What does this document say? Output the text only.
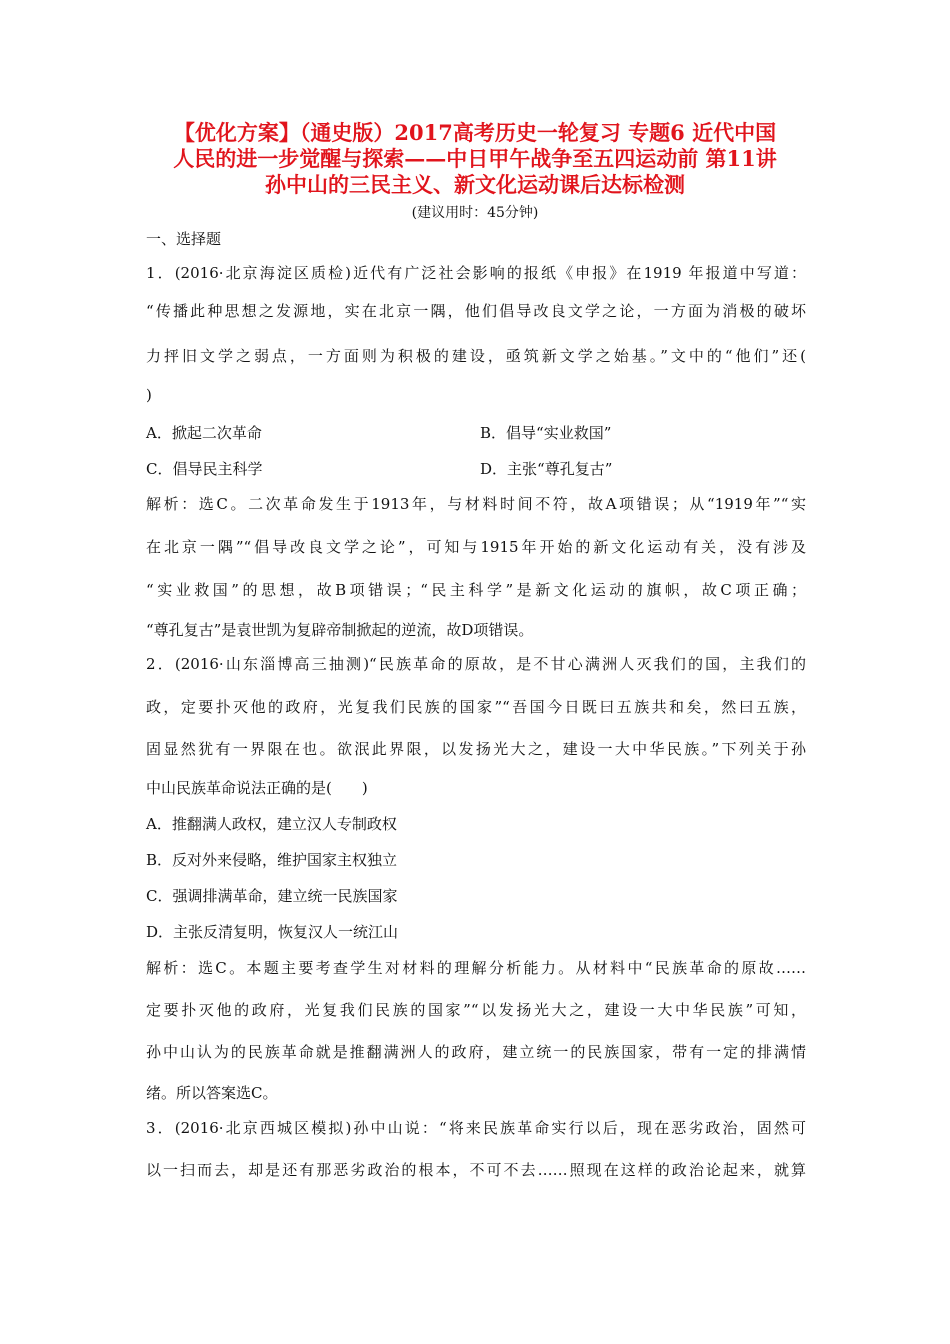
【优化方案】（通史版）2017高考历史一轮复习 专题6 近代中国
人民的进一步觉醒与探索——中日甲午战争至五四运动前 第11讲
孙中山的三民主义、新文化运动课后达标检测
(建议用时：45分钟)
一、选择题
1．(2016·北京海淀区质检)近代有广泛社会影响的报纸《申报》在1919 年报道中写道：
“传播此种思想之发源地，实在北京一隅，他们倡导改良文学之论，一方面为消极的破坏
力抨旧文学之弱点，一方面则为积极的建设，亟筑新文学之始基。”文中的“他们”还(
)
A．掀起二次革命	B．倡导“实业救国”
C．倡导民主科学	D．主张“尊孔复古”
解析：选C。二次革命发生于1913年，与材料时间不符，故A项错误；从“1919年”“实
在北京一隅”“倡导改良文学之论”，可知与1915年开始的新文化运动有关，没有涉及
“实业救国”的思想，故B项错误；“民主科学”是新文化运动的旗帜，故C项正确；
“尊孔复古”是袁世凯为复辟帝制掀起的逆流，故D项错误。
2．(2016·山东淄博高三抽测)“民族革命的原故，是不甘心满洲人灭我们的国，主我们的
政，定要扑灭他的政府，光复我们民族的国家”“吾国今日既曰五族共和矣，然曰五族，
固显然犹有一界限在也。欲泯此界限，以发扬光大之，建设一大中华民族。”下列关于孙
中山民族革命说法正确的是(　　)
A．推翻满人政权，建立汉人专制政权
B．反对外来侵略，维护国家主权独立
C．强调排满革命，建立统一民族国家
D．主张反清复明，恢复汉人一统江山
解析：选C。本题主要考查学生对材料的理解分析能力。从材料中“民族革命的原故……
定要扑灭他的政府，光复我们民族的国家”“以发扬光大之，建设一大中华民族”可知，
孙中山认为的民族革命就是推翻满洲人的政府，建立统一的民族国家，带有一定的排满情
绪。所以答案选C。
3．(2016·北京西城区模拟)孙中山说：“将来民族革命实行以后，现在恶劣政治，固然可
以一扫而去，却是还有那恶劣政治的根本，不可不去……照现在这样的政治论起来，就算
